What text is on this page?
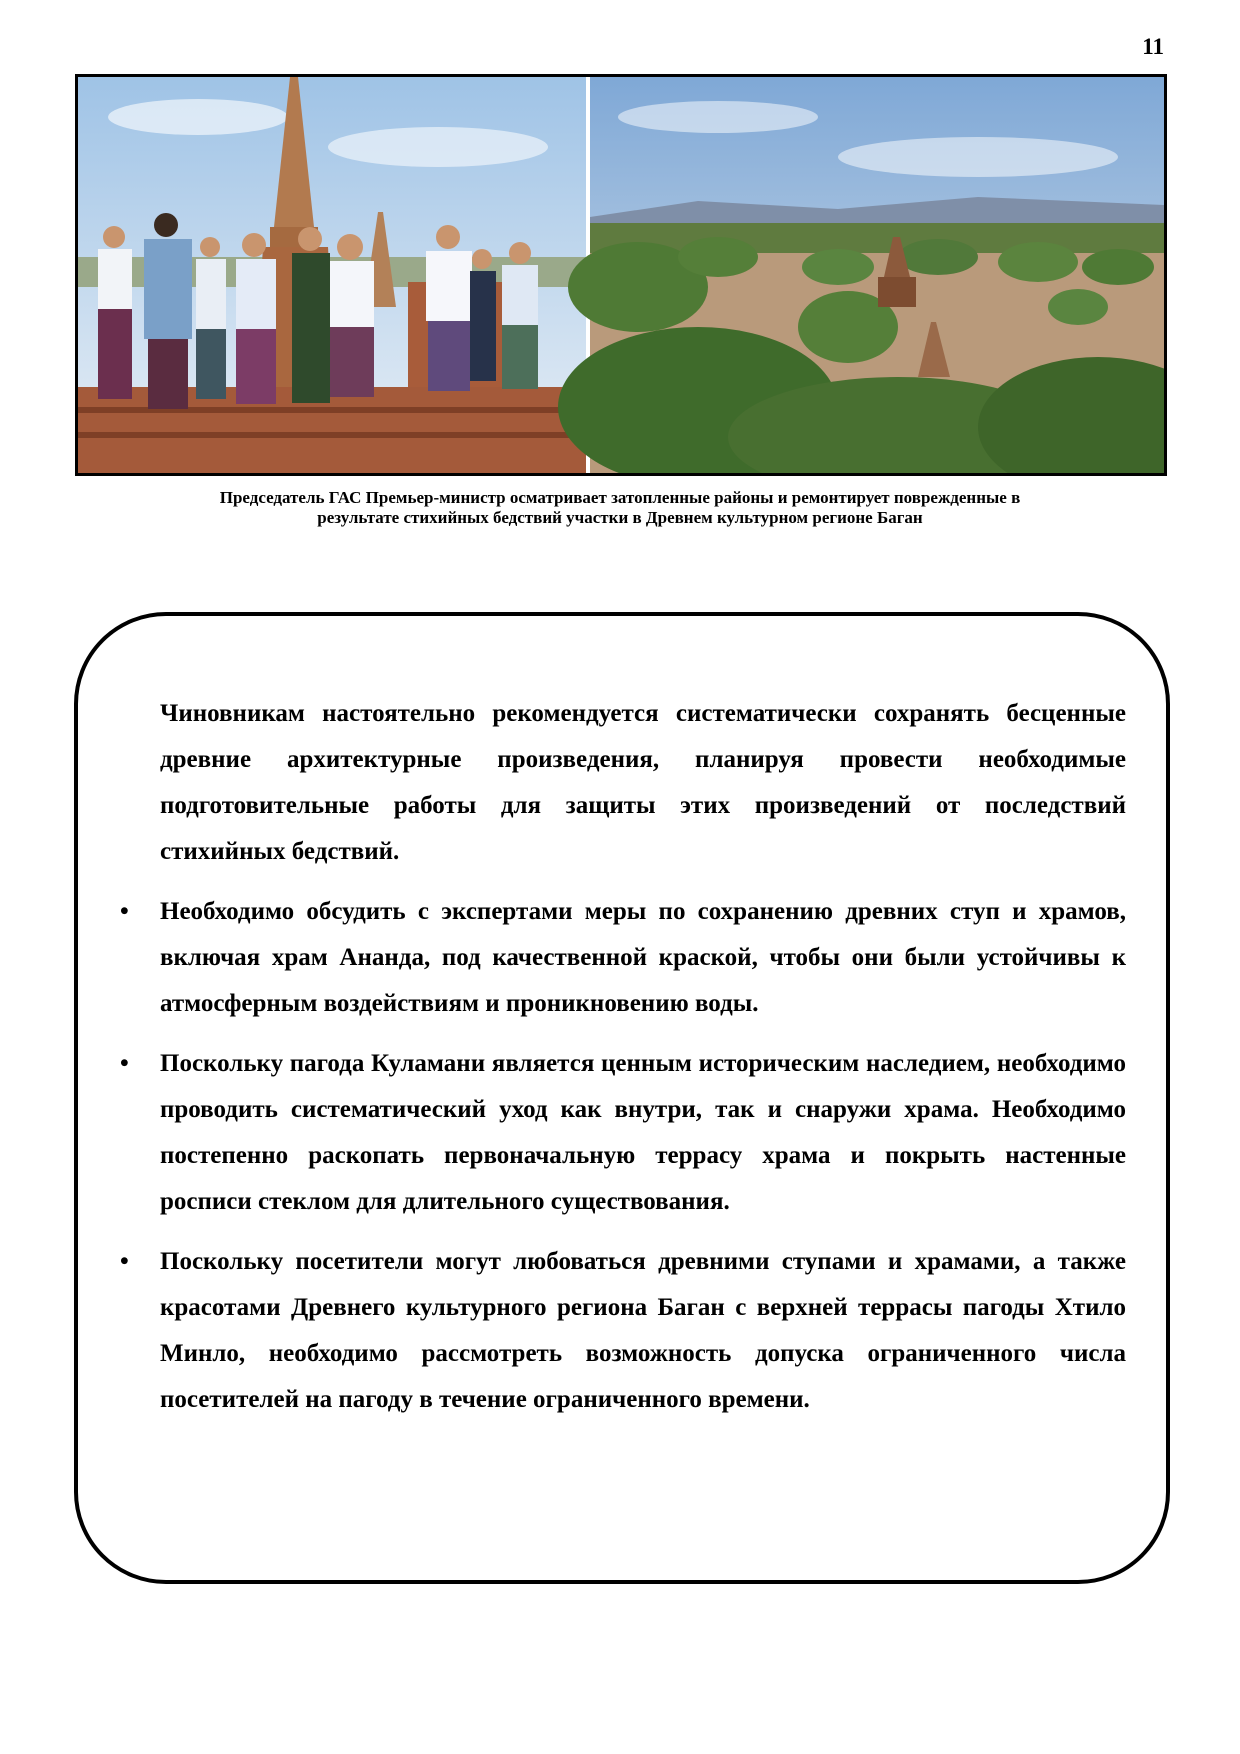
11
Председатель ГАС Премьер-министр осматривает затопленные районы и ремонтирует поврежденные в
результате стихийных бедствий участки в Древнем культурном регионе Баган

Чиновникам настоятельно рекомендуется систематически сохранять бесценные древние архитектурные произведения, планируя провести необходимые подготовительные работы для защиты этих произведений от последствий стихийных бедствий.

• Необходимо обсудить с экспертами меры по сохранению древних ступ и храмов, включая храм Ананда, под качественной краской, чтобы они были устойчивы к атмосферным воздействиям и проникновению воды.
• Поскольку пагода Куламани является ценным историческим наследием, необходимо проводить систематический уход как внутри, так и снаружи храма. Необходимо постепенно раскопать первоначальную террасу храма и покрыть настенные росписи стеклом для длительного существования.
• Поскольку посетители могут любоваться древними ступами и храмами, а также красотами Древнего культурного региона Баган с верхней террасы пагоды Хтило Минло, необходимо рассмотреть возможность допуска ограниченного числа посетителей на пагоду в течение ограниченного времени.
